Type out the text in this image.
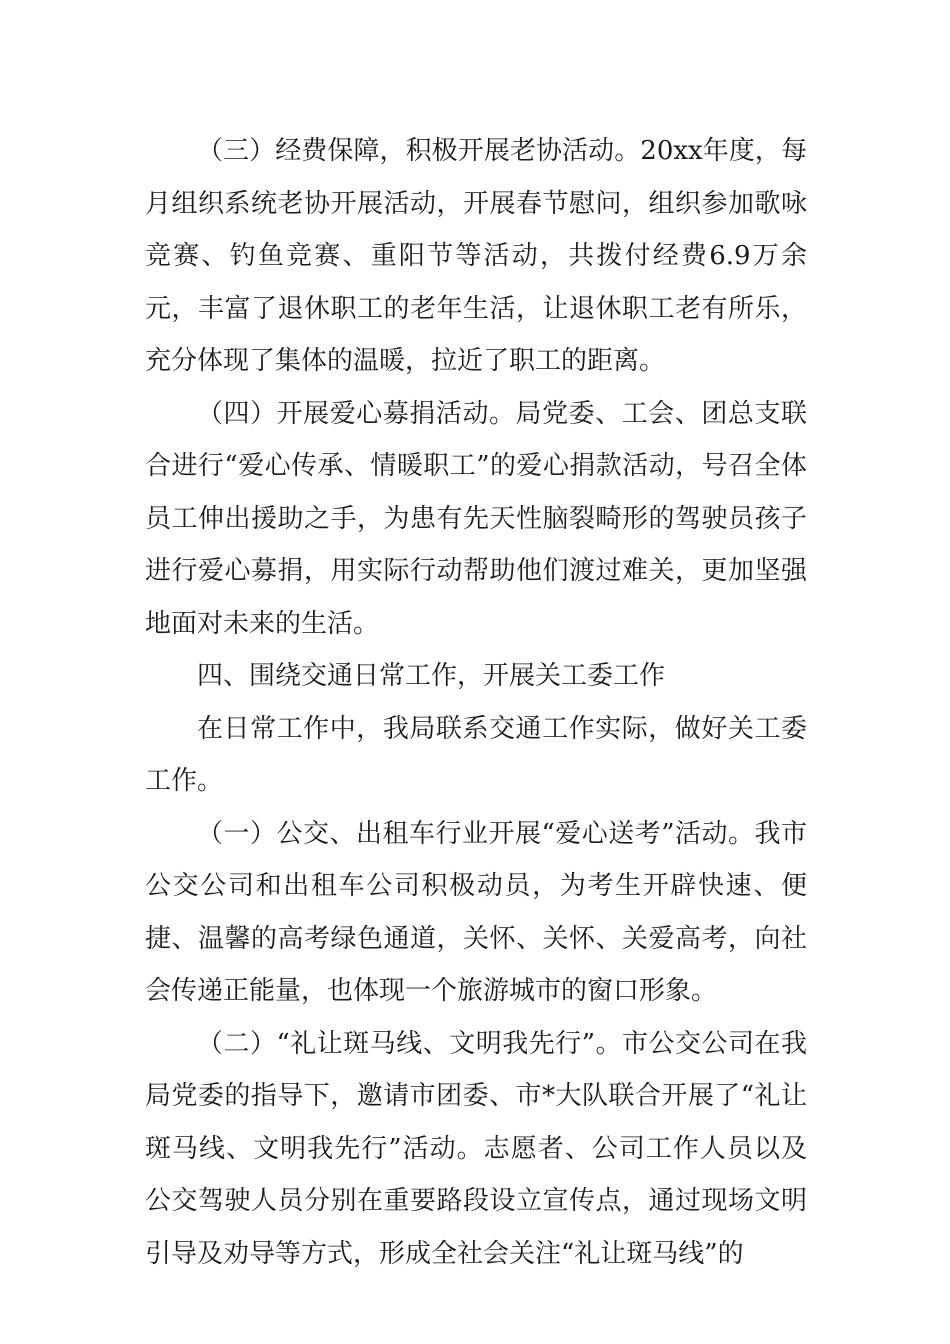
（三）经费保障，积极开展老协活动。20xx年度，每月组织系统老协开展活动，开展春节慰问，组织参加歌咏竞赛、钓鱼竞赛、重阳节等活动，共拨付经费6.9万余元，丰富了退休职工的老年生活，让退休职工老有所乐，充分体现了集体的温暖，拉近了职工的距离。

（四）开展爱心募捐活动。局党委、工会、团总支联合进行“爱心传承、情暖职工”的爱心捐款活动，号召全体员工伸出援助之手，为患有先天性脑裂畸形的驾驶员孩子进行爱心募捐，用实际行动帮助他们渡过难关，更加坚强地面对未来的生活。

四、围绕交通日常工作，开展关工委工作

在日常工作中，我局联系交通工作实际，做好关工委工作。

（一）公交、出租车行业开展“爱心送考”活动。我市公交公司和出租车公司积极动员，为考生开辟快速、便捷、温馨的高考绿色通道，关怀、关怀、关爱高考，向社会传递正能量，也体现一个旅游城市的窗口形象。

（二）“礼让斑马线、文明我先行”。市公交公司在我局党委的指导下，邀请市团委、市*大队联合开展了“礼让斑马线、文明我先行”活动。志愿者、公司工作人员以及公交驾驶人员分别在重要路段设立宣传点，通过现场文明引导及劝导等方式，形成全社会关注“礼让斑马线”的
